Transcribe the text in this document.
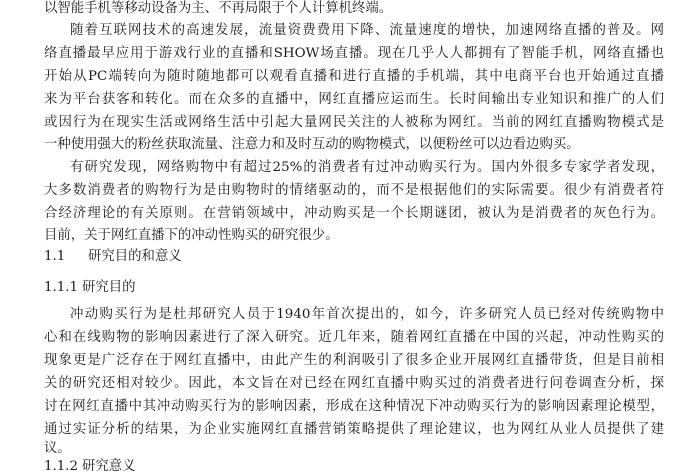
以智能手机等移动设备为主、不再局限于个人计算机终端。
随着互联网技术的高速发展，流量资费费用下降、流量速度的增快，加速网络直播的普及。网
络直播最早应用于游戏行业的直播和SHOW场直播。现在几乎人人都拥有了智能手机，网络直播也
开始从PC端转向为随时随地都可以观看直播和进行直播的手机端，其中电商平台也开始通过直播
来为平台获客和转化。而在众多的直播中，网红直播应运而生。长时间输出专业知识和推广的人们
或因行为在现实生活或网络生活中引起大量网民关注的人被称为网红。当前的网红直播购物模式是
一种使用强大的粉丝获取流量、注意力和及时互动的购物模式，以便粉丝可以边看边购买。
有研究发现，网络购物中有超过25%的消费者有过冲动购买行为。国内外很多专家学者发现，
大多数消费者的购物行为是由购物时的情绪驱动的，而不是根据他们的实际需要。很少有消费者符
合经济理论的有关原则。在营销领域中，冲动购买是一个长期谜团，被认为是消费者的灰色行为。
目前，关于网红直播下的冲动性购买的研究很少。
1.1 研究目的和意义
1.1.1 研究目的
冲动购买行为是杜邦研究人员于1940年首次提出的，如今，许多研究人员已经对传统购物中
心和在线购物的影响因素进行了深入研究。近几年来，随着网红直播在中国的兴起，冲动性购买的
现象更是广泛存在于网红直播中，由此产生的利润吸引了很多企业开展网红直播带货，但是目前相
关的研究还相对较少。因此，本文旨在对已经在网红直播中购买过的消费者进行问卷调查分析，探
讨在网红直播中其冲动购买行为的影响因素，形成在这种情况下冲动购买行为的影响因素理论模型，
通过实证分析的结果，为企业实施网红直播营销策略提供了理论建议，也为网红从业人员提供了建
议。
1.1.2 研究意义
